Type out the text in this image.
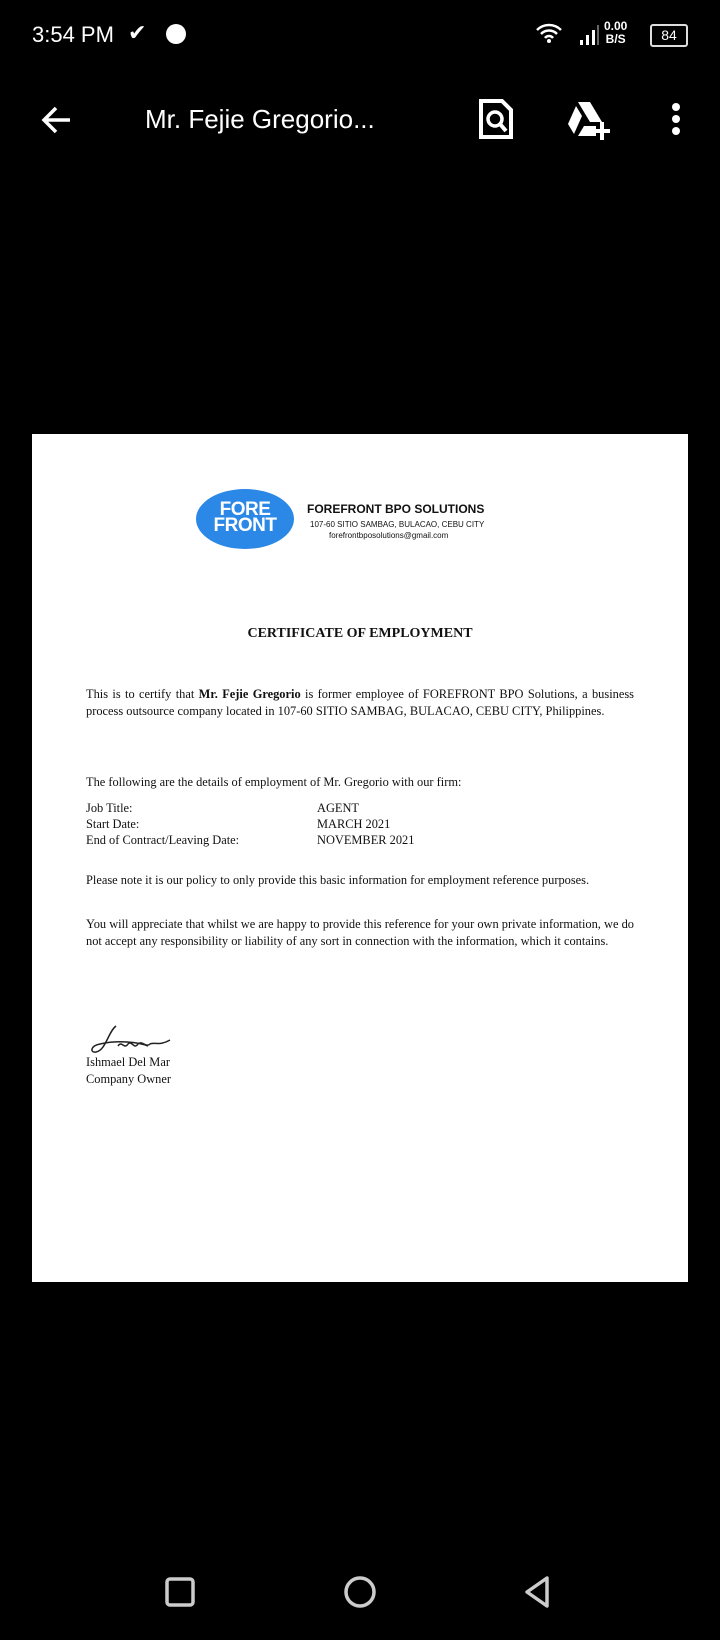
3:54 PM ✔	0.00
B/S	84
Mr. Fejie Gregorio...
FORE
FRONT
FOREFRONT BPO SOLUTIONS
107-60 SITIO SAMBAG, BULACAO, CEBU CITY
forefrontbposolutions@gmail.com
CERTIFICATE OF EMPLOYMENT
This is to certify that Mr. Fejie Gregorio is former employee of FOREFRONT BPO Solutions, a business process outsource company located in 107-60 SITIO SAMBAG, BULACAO, CEBU CITY, Philippines.
The following are the details of employment of Mr. Gregorio with our firm:
Job Title:	AGENT
Start Date:	MARCH 2021
End of Contract/Leaving Date:	NOVEMBER 2021
Please note it is our policy to only provide this basic information for employment reference purposes.
You will appreciate that whilst we are happy to provide this reference for your own private information, we do not accept any responsibility or liability of any sort in connection with the information, which it contains.
Ishmael Del Mar
Company Owner
